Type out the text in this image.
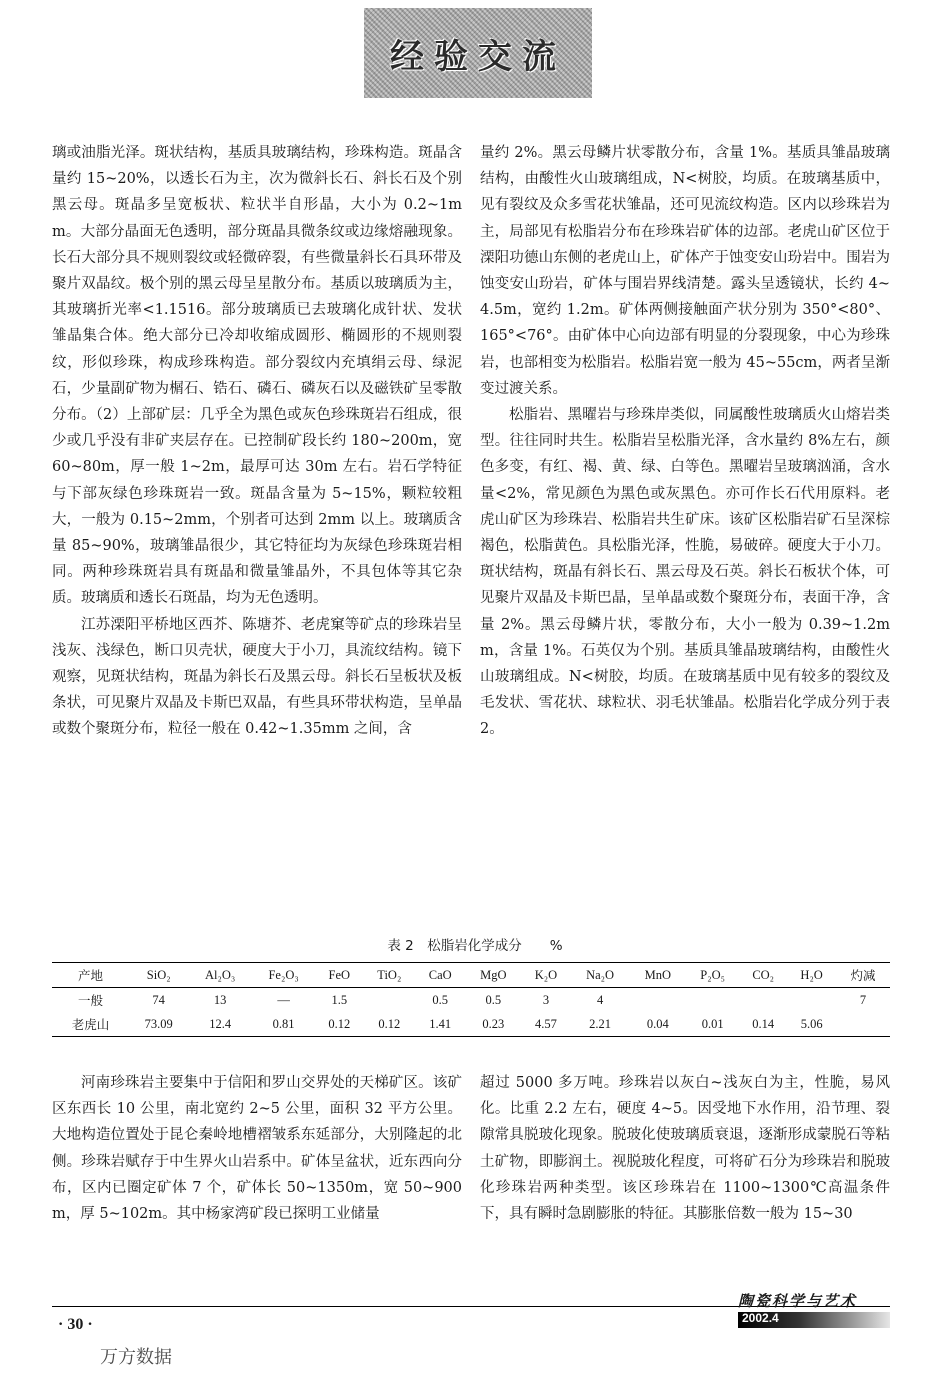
经验交流

璃或油脂光泽。斑状结构，基质具玻璃结构，珍珠构造。斑晶含量约 15~20%，以透长石为主，次为微斜长石、斜长石及个别黑云母。斑晶多呈宽板状、粒状半自形晶，大小为 0.2~1mm。大部分晶面无色透明，部分斑晶具微条纹或边缘熔融现象。长石大部分具不规则裂纹或轻微碎裂，有些微量斜长石具环带及聚片双晶纹。极个别的黑云母呈星散分布。基质以玻璃质为主，其玻璃折光率<1.1516。部分玻璃质已去玻璃化成针状、发状雏晶集合体。绝大部分已冷却收缩成圆形、椭圆形的不规则裂纹，形似珍珠，构成珍珠构造。部分裂纹内充填绢云母、绿泥石，少量副矿物为榍石、锆石、磷石、磷灰石以及磁铁矿呈零散分布。（2）上部矿层：几乎全为黑色或灰色珍珠斑岩石组成，很少或几乎没有非矿夹层存在。已控制矿段长约 180~200m，宽 60~80m，厚一般 1~2m，最厚可达 30m 左右。岩石学特征与下部灰绿色珍珠斑岩一致。斑晶含量为 5~15%，颗粒较粗大，一般为 0.15~2mm，个别者可达到 2mm 以上。玻璃质含量 85~90%，玻璃雏晶很少，其它特征均为灰绿色珍珠斑岩相同。两种珍珠斑岩具有斑晶和微量雏晶外，不具包体等其它杂质。玻璃质和透长石斑晶，均为无色透明。

江苏溧阳平桥地区西芥、陈塘芥、老虎窠等矿点的珍珠岩呈浅灰、浅绿色，断口贝壳状，硬度大于小刀，具流纹结构。镜下观察，见斑状结构，斑晶为斜长石及黑云母。斜长石呈板状及板条状，可见聚片双晶及卡斯巴双晶，有些具环带状构造，呈单晶或数个聚斑分布，粒径一般在 0.42~1.35mm 之间，含

量约 2%。黑云母鳞片状零散分布，含量 1%。基质具雏晶玻璃结构，由酸性火山玻璃组成，N<树胶，均质。在玻璃基质中，见有裂纹及众多雪花状雏晶，还可见流纹构造。区内以珍珠岩为主，局部见有松脂岩分布在珍珠岩矿体的边部。老虎山矿区位于溧阳功德山东侧的老虎山上，矿体产于蚀变安山玢岩中。围岩为蚀变安山玢岩，矿体与围岩界线清楚。露头呈透镜状，长约 4~4.5m，宽约 1.2m。矿体两侧接触面产状分别为 350°<80°、165°<76°。由矿体中心向边部有明显的分裂现象，中心为珍珠岩，也部相变为松脂岩。松脂岩宽一般为 45~55cm，两者呈渐变过渡关系。

松脂岩、黑曜岩与珍珠岸类似，同属酸性玻璃质火山熔岩类型。往往同时共生。松脂岩呈松脂光泽，含水量约 8%左右，颜色多变，有红、褐、黄、绿、白等色。黑曜岩呈玻璃汹涌，含水量<2%，常见颜色为黑色或灰黑色。亦可作长石代用原料。老虎山矿区为珍珠岩、松脂岩共生矿床。该矿区松脂岩矿石呈深棕褐色，松脂黄色。具松脂光泽，性脆，易破碎。硬度大于小刀。斑状结构，斑晶有斜长石、黑云母及石英。斜长石板状个体，可见聚片双晶及卡斯巴晶，呈单晶或数个聚斑分布，表面干净，含量 2%。黑云母鳞片状，零散分布，大小一般为 0.39~1.2mm，含量 1%。石英仅为个别。基质具雏晶玻璃结构，由酸性火山玻璃组成。N<树胶，均质。在玻璃基质中见有较多的裂纹及毛发状、雪花状、球粒状、羽毛状雏晶。松脂岩化学成分列于表 2。

表 2　松脂岩化学成分 %
产地	SiO₂	Al₂O₃	Fe₂O₃	FeO	TiO₂	CaO	MgO	K₂O	Na₂O	MnO	P₂O₅	CO₂	H₂O	灼减
一般	74	13	—	1.5		0.5	0.5	3	4					7
老虎山	73.09	12.4	0.81	0.12	0.12	1.41	0.23	4.57	2.21	0.04	0.01	0.14	5.06	

河南珍珠岩主要集中于信阳和罗山交界处的天梯矿区。该矿区东西长 10 公里，南北宽约 2~5 公里，面积 32 平方公里。大地构造位置处于昆仑秦岭地槽褶皱系东延部分，大别隆起的北侧。珍珠岩赋存于中生界火山岩系中。矿体呈盆状，近东西向分布，区内已圈定矿体 7 个，矿体长 50~1350m，宽 50~900m，厚 5~102m。其中杨家湾矿段已探明工业储量

超过 5000 多万吨。珍珠岩以灰白~浅灰白为主，性脆，易风化。比重 2.2 左右，硬度 4~5。因受地下水作用，沿节理、裂隙常具脱玻化现象。脱玻化使玻璃质衰退，逐渐形成蒙脱石等粘土矿物，即膨润土。视脱玻化程度，可将矿石分为珍珠岩和脱玻化珍珠岩两种类型。该区珍珠岩在 1100~1300℃高温条件下，具有瞬时急剧膨胀的特征。其膨胀倍数一般为 15~30

· 30 ·
陶瓷科学与艺术
2002.4
万方数据
